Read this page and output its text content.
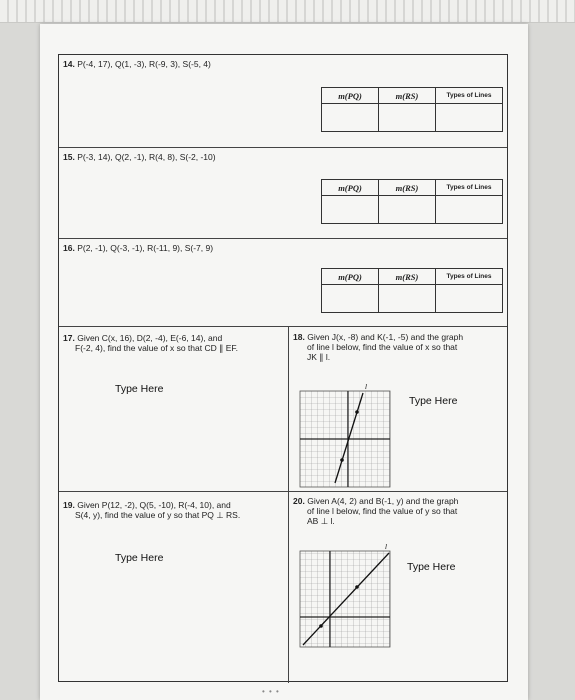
14. P(-4, 17), Q(1, -3), R(-9, 3), S(-5, 4)
m(PQ)	m(RS)	Types of Lines

15. P(-3, 14), Q(2, -1), R(4, 8), S(-2, -10)
m(PQ)	m(RS)	Types of Lines

16. P(2, -1), Q(-3, -1), R(-11, 9), S(-7, 9)
m(PQ)	m(RS)	Types of Lines

17. Given C(x, 16), D(2, -4), E(-6, 14), and
F(-2, 4), find the value of x so that CD ∥ EF.
Type Here
18. Given J(x, -8) and K(-1, -5) and the graph
of line l below, find the value of x so that
JK ∥ l.
l
Type Here
19. Given P(12, -2), Q(5, -10), R(-4, 10), and
S(4, y), find the value of y so that PQ ⊥ RS.
Type Here
20. Given A(4, 2) and B(-1, y) and the graph
of line l below, find the value of y so that
AB ⊥ l.
l
Type Here
• • •
